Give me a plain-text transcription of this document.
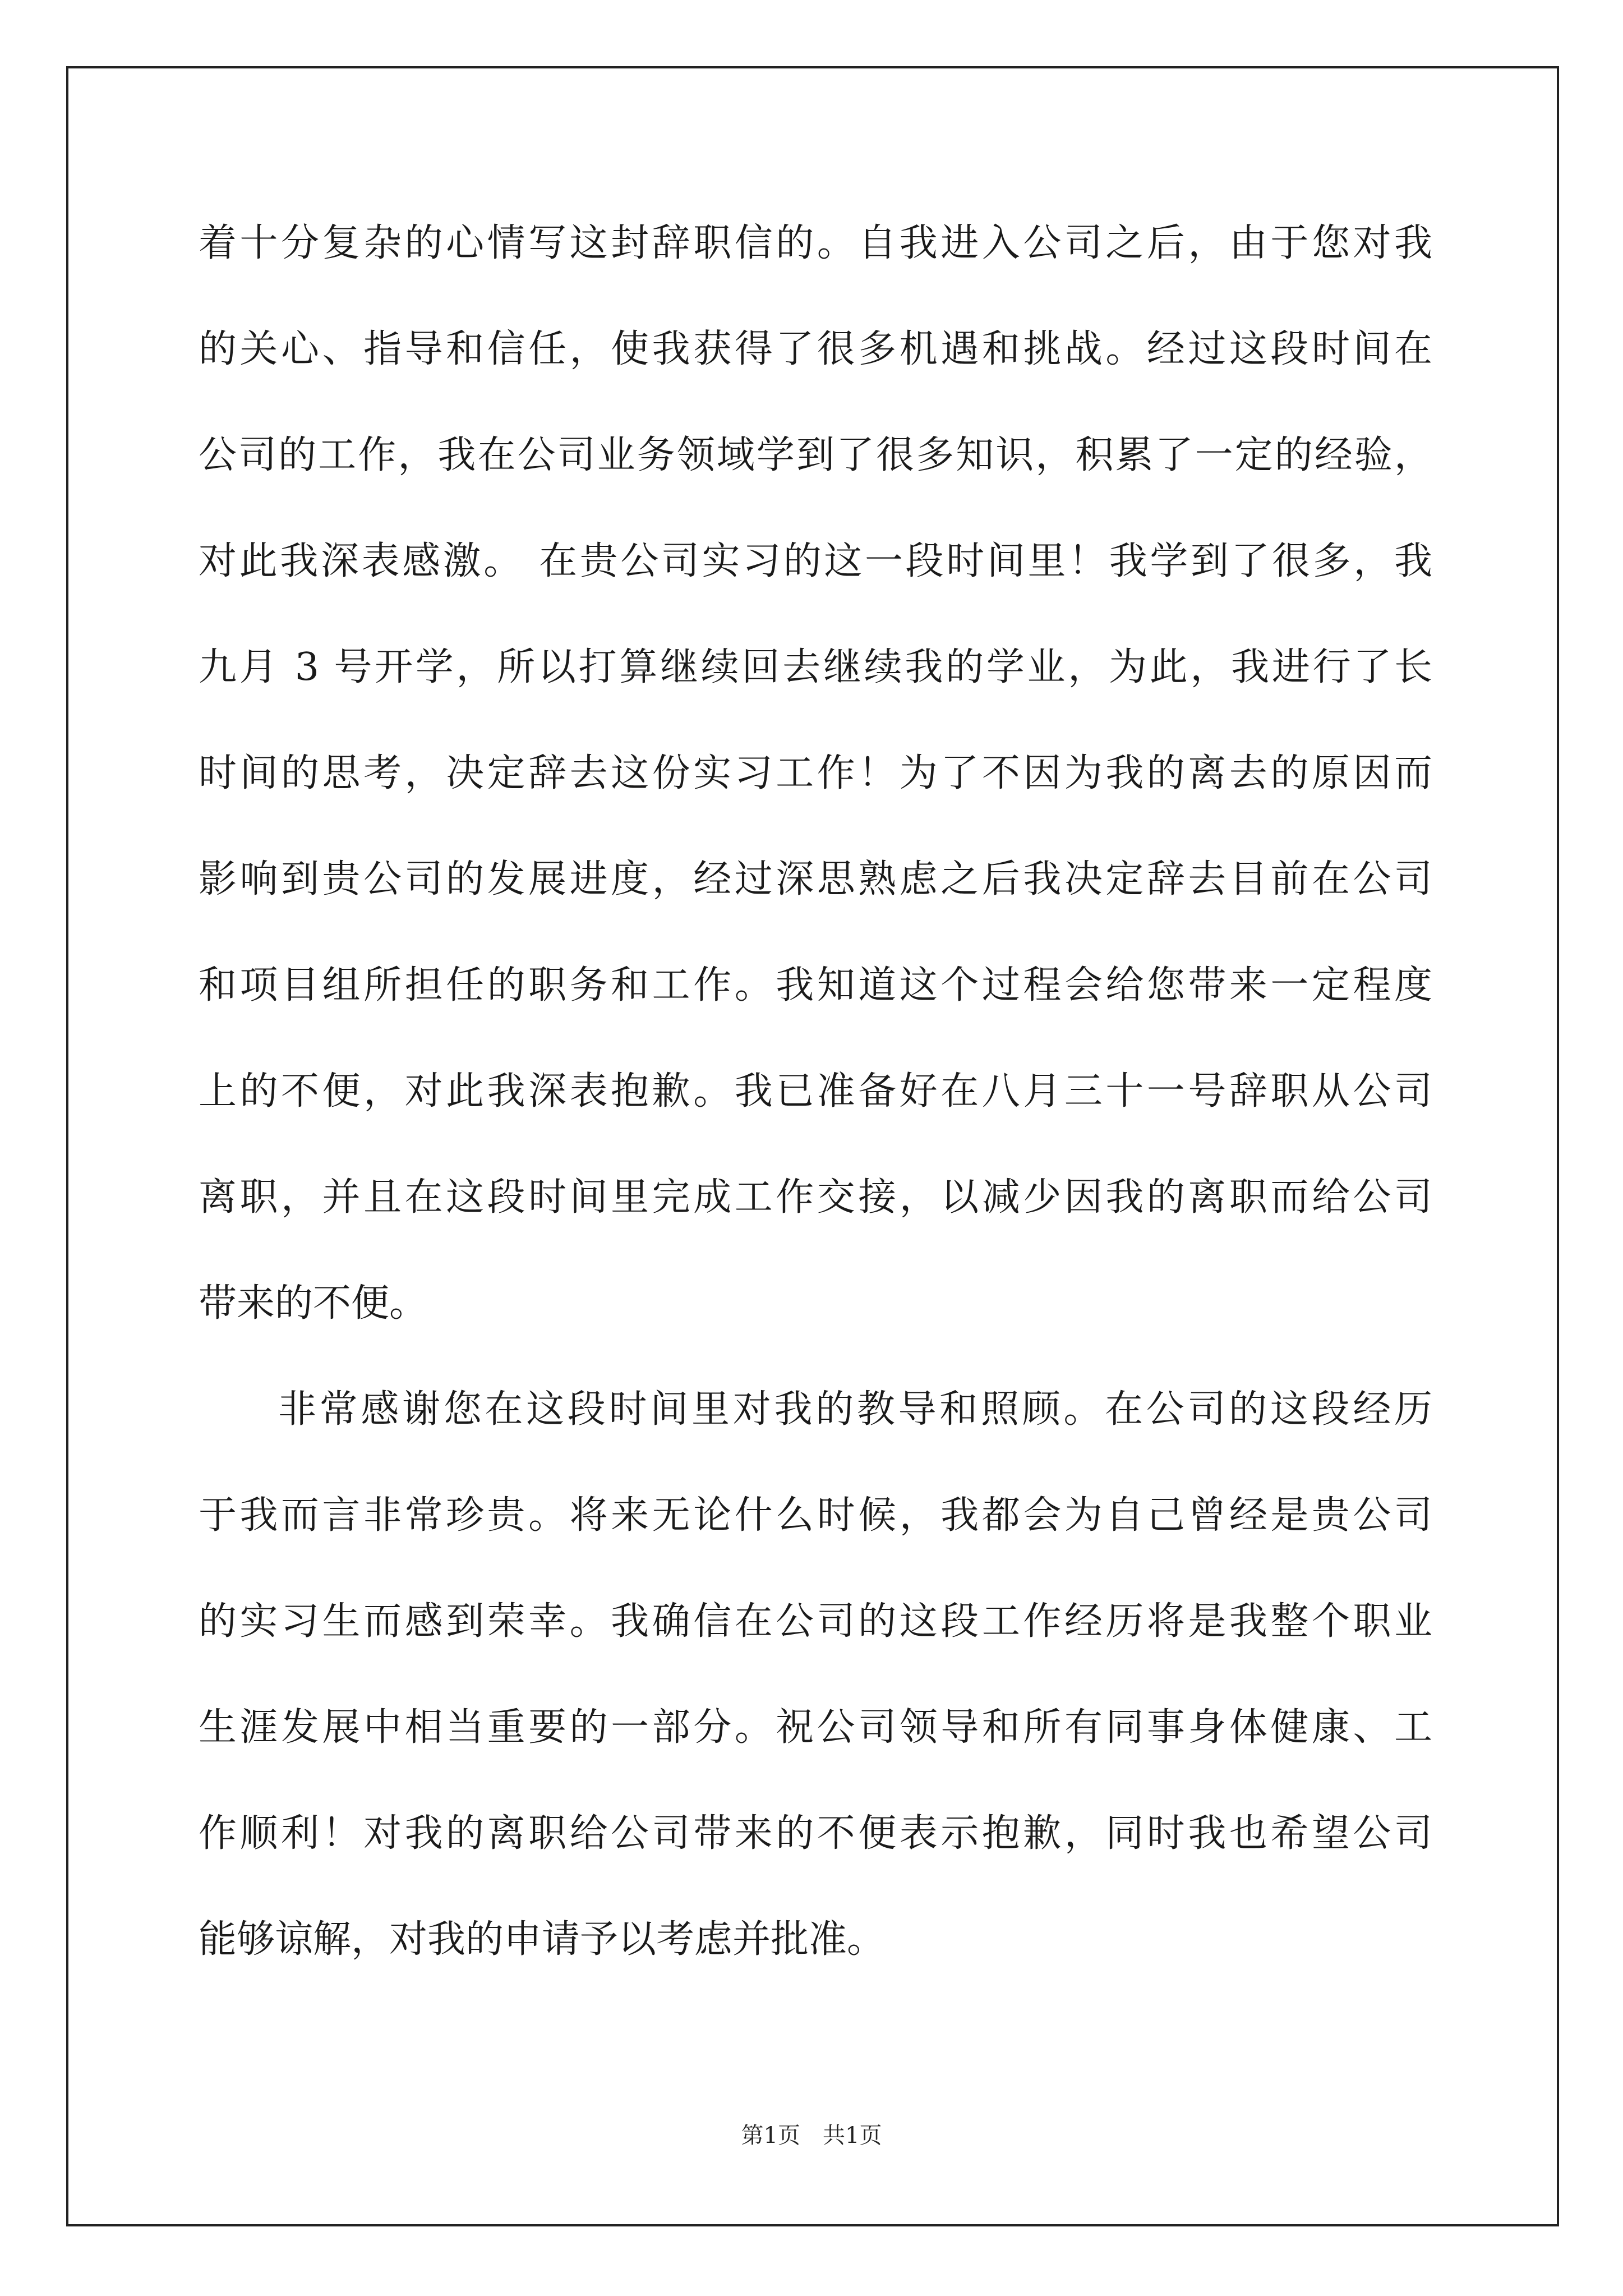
着十分复杂的心情写这封辞职信的。自我进入公司之后，由于您对我
的关心、指导和信任，使我获得了很多机遇和挑战。经过这段时间在
公司的工作，我在公司业务领域学到了很多知识，积累了一定的经验，
对此我深表感激。 在贵公司实习的这一段时间里！我学到了很多，我
九月 3 号开学，所以打算继续回去继续我的学业，为此，我进行了长
时间的思考，决定辞去这份实习工作！为了不因为我的离去的原因而
影响到贵公司的发展进度，经过深思熟虑之后我决定辞去目前在公司
和项目组所担任的职务和工作。我知道这个过程会给您带来一定程度
上的不便，对此我深表抱歉。我已准备好在八月三十一号辞职从公司
离职，并且在这段时间里完成工作交接，以减少因我的离职而给公司
带来的不便。
非常感谢您在这段时间里对我的教导和照顾。在公司的这段经历
于我而言非常珍贵。将来无论什么时候，我都会为自己曾经是贵公司
的实习生而感到荣幸。我确信在公司的这段工作经历将是我整个职业
生涯发展中相当重要的一部分。祝公司领导和所有同事身体健康、工
作顺利！对我的离职给公司带来的不便表示抱歉，同时我也希望公司
能够谅解，对我的申请予以考虑并批准。
第1页 共1页
